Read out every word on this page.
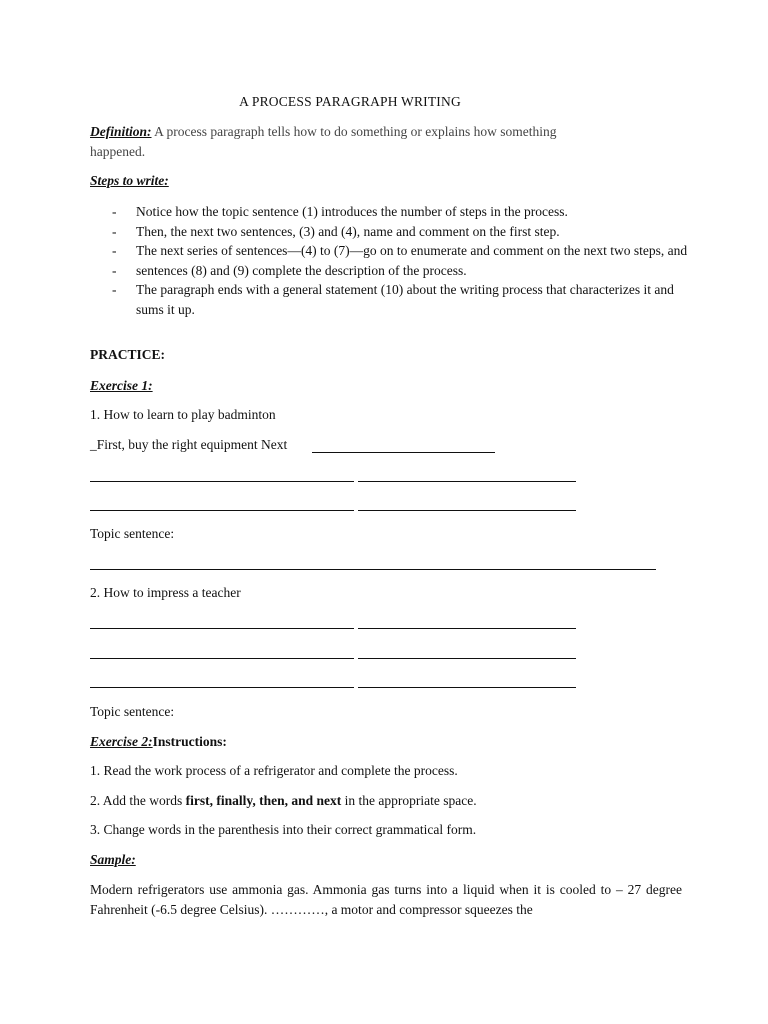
A PROCESS PARAGRAPH WRITING
Definition: A process paragraph tells how to do something or explains how something
happened.
Steps to write:
-	Notice how the topic sentence (1) introduces the number of steps in the process.
-	Then, the next two sentences, (3) and (4), name and comment on the first step.
-	The next series of sentences—(4) to (7)—go on to enumerate and comment on the next two steps, and
-	sentences (8) and (9) complete the description of the process.
-	The paragraph ends with a general statement (10) about the writing process that characterizes it and sums it up.
PRACTICE:
Exercise 1:
1. How to learn to play badminton
_First, buy the right equipment Next
Topic sentence:
2. How to impress a teacher
Topic sentence:
Exercise 2:Instructions:
1. Read the work process of a refrigerator and complete the process.
2. Add the words first, finally, then, and next in the appropriate space.
3. Change words in the parenthesis into their correct grammatical form.
Sample:
Modern refrigerators use ammonia gas. Ammonia gas turns into a liquid when it is cooled to – 27 degree Fahrenheit (-6.5 degree Celsius). …………, a motor and compressor squeezes the
